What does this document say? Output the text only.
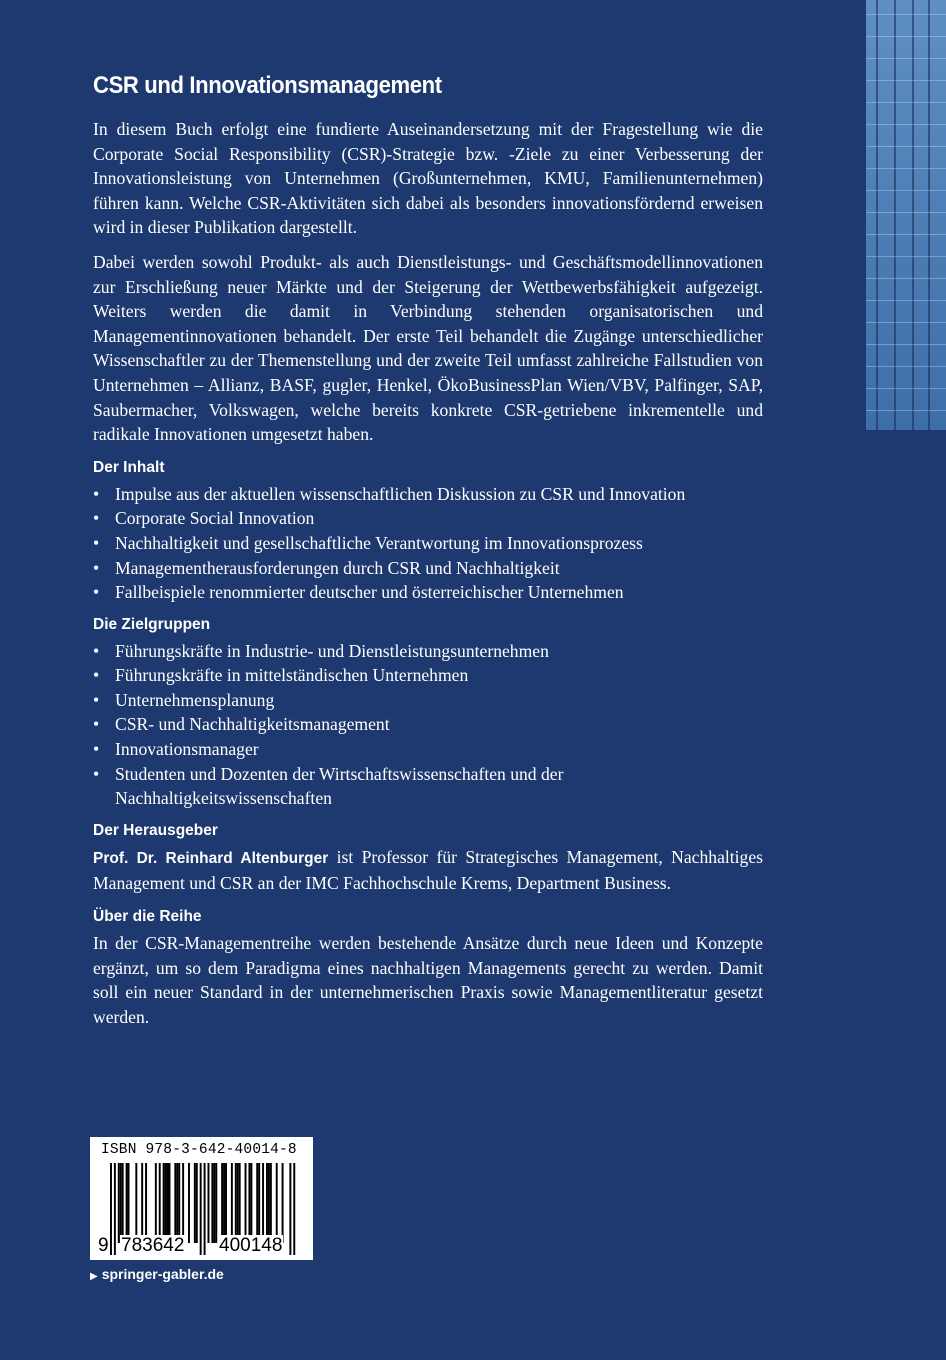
CSR und Innovationsmanagement

In diesem Buch erfolgt eine fundierte Auseinandersetzung mit der Fragestellung wie die Corporate Social Responsibility (CSR)-Strategie bzw. -Ziele zu einer Verbesserung der Innovationsleistung von Unternehmen (Großunternehmen, KMU, Familienunternehmen) führen kann. Welche CSR-Aktivitäten sich dabei als besonders innovationsfördernd erweisen wird in dieser Publikation dargestellt.

Dabei werden sowohl Produkt- als auch Dienstleistungs- und Geschäftsmodellinnovationen zur Erschließung neuer Märkte und der Steigerung der Wettbewerbsfähigkeit aufgezeigt. Weiters werden die damit in Verbindung stehenden organisatorischen und Managementinnovationen behandelt. Der erste Teil behandelt die Zugänge unterschiedlicher Wissenschaftler zu der Themenstellung und der zweite Teil umfasst zahlreiche Fallstudien von Unternehmen – Allianz, BASF, gugler, Henkel, ÖkoBusinessPlan Wien/VBV, Palfinger, SAP, Saubermacher, Volkswagen, welche bereits konkrete CSR-getriebene inkrementelle und radikale Innovationen umgesetzt haben.

Der Inhalt
• Impulse aus der aktuellen wissenschaftlichen Diskussion zu CSR und Innovation
• Corporate Social Innovation
• Nachhaltigkeit und gesellschaftliche Verantwortung im Innovationsprozess
• Managementherausforderungen durch CSR und Nachhaltigkeit
• Fallbeispiele renommierter deutscher und österreichischer Unternehmen
Die Zielgruppen
• Führungskräfte in Industrie- und Dienstleistungsunternehmen
• Führungskräfte in mittelständischen Unternehmen
• Unternehmensplanung
• CSR- und Nachhaltigkeitsmanagement
• Innovationsmanager
• Studenten und Dozenten der Wirtschaftswissenschaften und der Nachhaltigkeitswissenschaften
Der Herausgeber

Prof. Dr. Reinhard Altenburger ist Professor für Strategisches Management, Nachhaltiges Management und CSR an der IMC Fachhochschule Krems, Department Business.

Über die Reihe

In der CSR-Managementreihe werden bestehende Ansätze durch neue Ideen und Konzepte ergänzt, um so dem Paradigma eines nachhaltigen Managements gerecht zu werden. Damit soll ein neuer Standard in der unternehmerischen Praxis sowie Managementliteratur gesetzt werden.

ISBN 978-3-642-40014-8
9 783642 400148
▶ springer-gabler.de
